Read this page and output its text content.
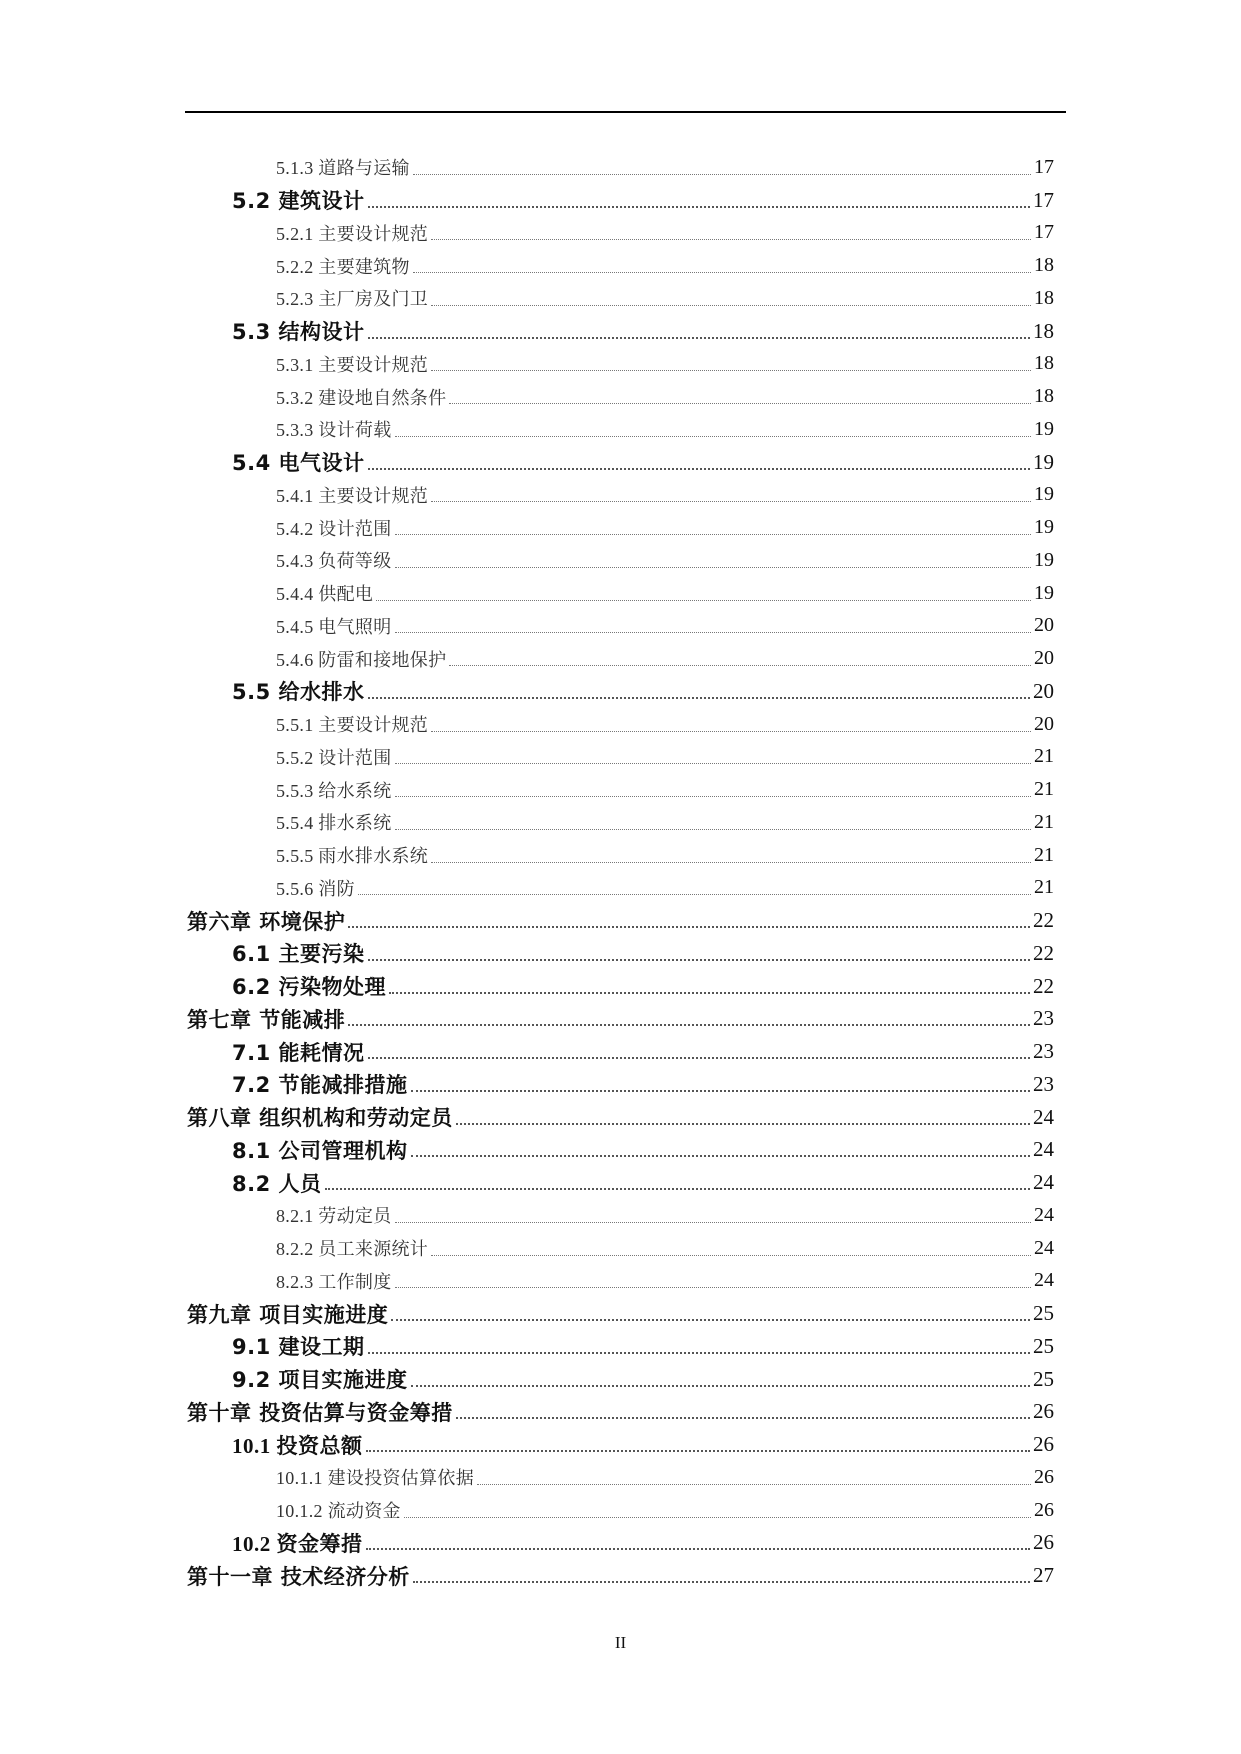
5.1.3 道路与运输	17
5.2 建筑设计	17
5.2.1 主要设计规范	17
5.2.2 主要建筑物	18
5.2.3 主厂房及门卫	18
5.3 结构设计	18
5.3.1 主要设计规范	18
5.3.2 建设地自然条件	18
5.3.3 设计荷载	19
5.4 电气设计	19
5.4.1 主要设计规范	19
5.4.2 设计范围	19
5.4.3 负荷等级	19
5.4.4 供配电	19
5.4.5 电气照明	20
5.4.6 防雷和接地保护	20
5.5 给水排水	20
5.5.1 主要设计规范	20
5.5.2 设计范围	21
5.5.3 给水系统	21
5.5.4 排水系统	21
5.5.5 雨水排水系统	21
5.5.6 消防	21
第六章 环境保护	22
6.1 主要污染	22
6.2 污染物处理	22
第七章 节能减排	23
7.1 能耗情况	23
7.2 节能减排措施	23
第八章 组织机构和劳动定员	24
8.1 公司管理机构	24
8.2 人员	24
8.2.1 劳动定员	24
8.2.2 员工来源统计	24
8.2.3 工作制度	24
第九章 项目实施进度	25
9.1 建设工期	25
9.2 项目实施进度	25
第十章 投资估算与资金筹措	26
10.1 投资总额	26
10.1.1 建设投资估算依据	26
10.1.2 流动资金	26
10.2 资金筹措	26
第十一章 技术经济分析	27
II
